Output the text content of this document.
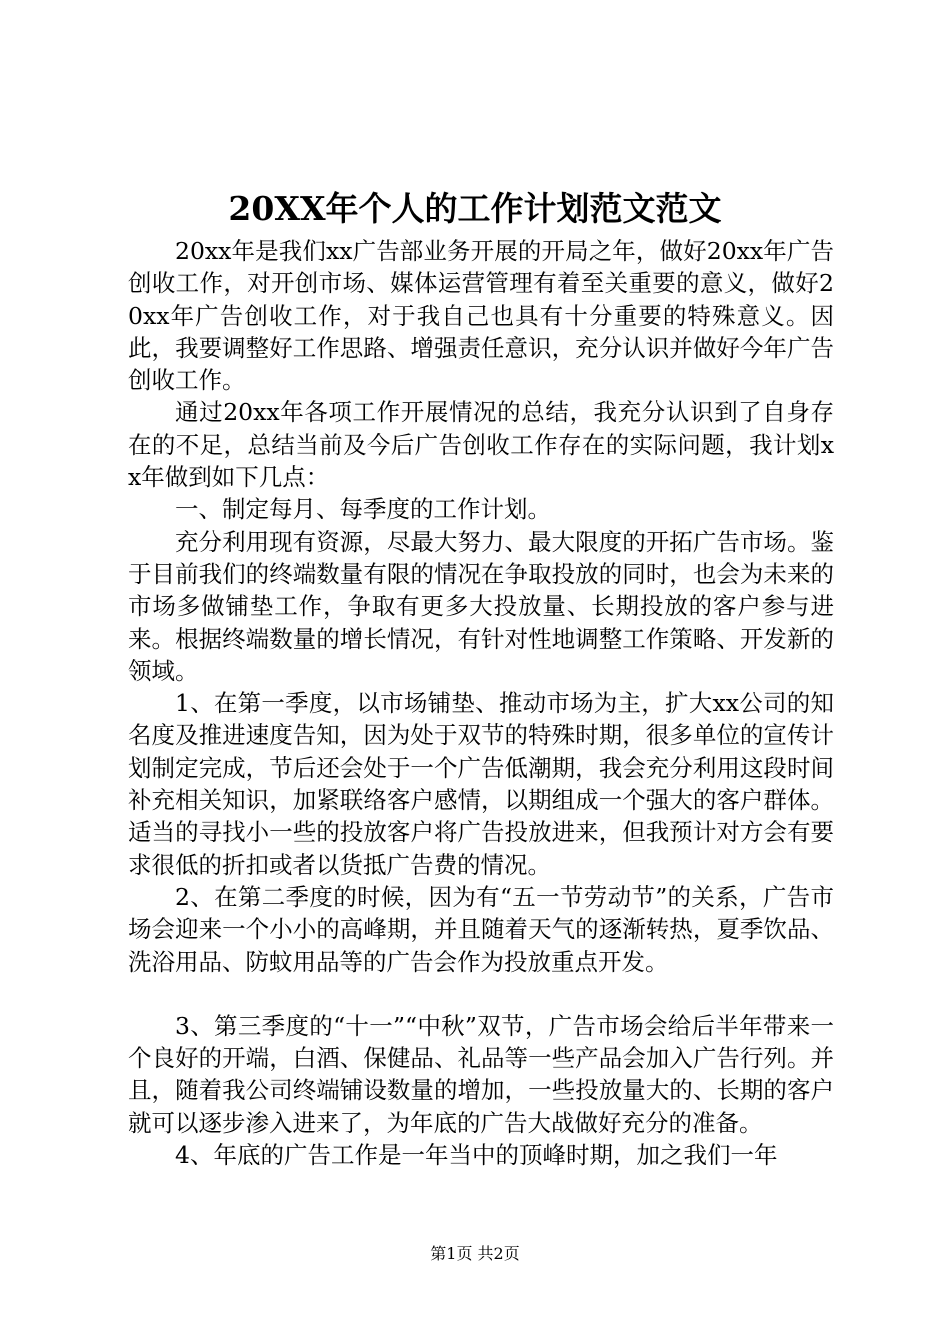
20XX年个人的工作计划范文范文

20xx年是我们xx广告部业务开展的开局之年，做好20xx年广告创收工作，对开创市场、媒体运营管理有着至关重要的意义，做好20xx年广告创收工作，对于我自己也具有十分重要的特殊意义。因此，我要调整好工作思路、增强责任意识，充分认识并做好今年广告创收工作。

通过20xx年各项工作开展情况的总结，我充分认识到了自身存在的不足，总结当前及今后广告创收工作存在的实际问题，我计划xx年做到如下几点：

一、制定每月、每季度的工作计划。

充分利用现有资源，尽最大努力、最大限度的开拓广告市场。鉴于目前我们的终端数量有限的情况在争取投放的同时，也会为未来的市场多做铺垫工作，争取有更多大投放量、长期投放的客户参与进来。根据终端数量的增长情况，有针对性地调整工作策略、开发新的领域。

1、在第一季度，以市场铺垫、推动市场为主，扩大xx公司的知名度及推进速度告知，因为处于双节的特殊时期，很多单位的宣传计划制定完成，节后还会处于一个广告低潮期，我会充分利用这段时间补充相关知识，加紧联络客户感情，以期组成一个强大的客户群体。适当的寻找小一些的投放客户将广告投放进来，但我预计对方会有要求很低的折扣或者以货抵广告费的情况。

2、在第二季度的时候，因为有“五一节劳动节”的关系，广告市场会迎来一个小小的高峰期，并且随着天气的逐渐转热，夏季饮品、洗浴用品、防蚊用品等的广告会作为投放重点开发。

3、第三季度的“十一”“中秋”双节，广告市场会给后半年带来一个良好的开端，白酒、保健品、礼品等一些产品会加入广告行列。并且，随着我公司终端铺设数量的增加，一些投放量大的、长期的客户就可以逐步渗入进来了，为年底的广告大战做好充分的准备。

4、年底的广告工作是一年当中的顶峰时期，加之我们一年

第1页 共2页
